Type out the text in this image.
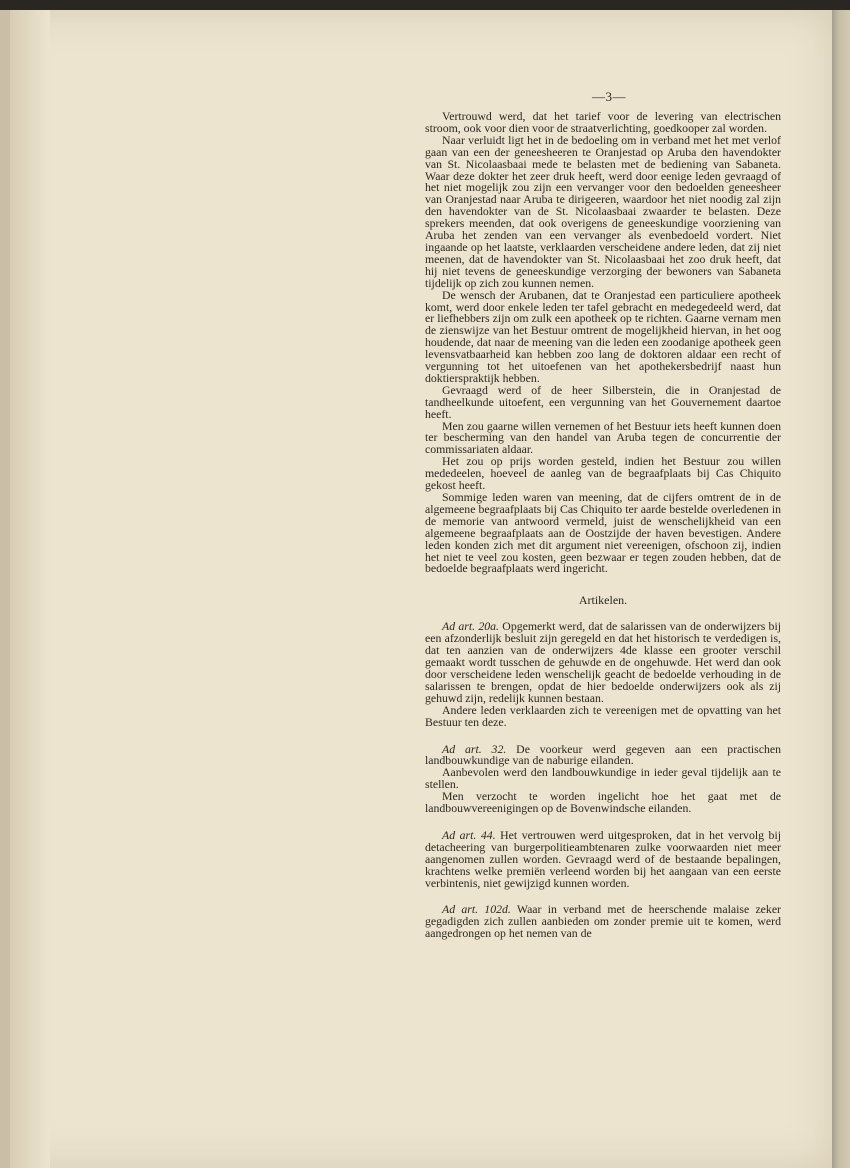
—3—

Vertrouwd werd, dat het tarief voor de levering van electrischen stroom, ook voor dien voor de straatverlichting, goedkooper zal worden.

Naar verluidt ligt het in de bedoeling om in verband met het met verlof gaan van een der geneesheeren te Oranjestad op Aruba den havendokter van St. Nicolaasbaai mede te belasten met de bediening van Sabaneta. Waar deze dokter het zeer druk heeft, werd door eenige leden gevraagd of het niet mogelijk zou zijn een vervanger voor den bedoelden geneesheer van Oranjestad naar Aruba te dirigeeren, waardoor het niet noodig zal zijn den havendokter van de St. Nicolaasbaai zwaarder te belasten. Deze sprekers meenden, dat ook overigens de geneeskundige voorziening van Aruba het zenden van een vervanger als evenbedoeld vordert. Niet ingaande op het laatste, verklaarden verscheidene andere leden, dat zij niet meenen, dat de havendokter van St. Nicolaasbaai het zoo druk heeft, dat hij niet tevens de geneeskundige verzorging der bewoners van Sabaneta tijdelijk op zich zou kunnen nemen.

De wensch der Arubanen, dat te Oranjestad een particuliere apotheek komt, werd door enkele leden ter tafel gebracht en medegedeeld werd, dat er liefhebbers zijn om zulk een apotheek op te richten. Gaarne vernam men de zienswijze van het Bestuur omtrent de mogelijkheid hiervan, in het oog houdende, dat naar de meening van die leden een zoodanige apotheek geen levensvatbaarheid kan hebben zoo lang de doktoren aldaar een recht of vergunning tot het uitoefenen van het apothekersbedrijf naast hun doktierspraktijk hebben.

Gevraagd werd of de heer Silberstein, die in Oranjestad de tandheelkunde uitoefent, een vergunning van het Gouvernement daartoe heeft.

Men zou gaarne willen vernemen of het Bestuur iets heeft kunnen doen ter bescherming van den handel van Aruba tegen de concurrentie der commissariaten aldaar.

Het zou op prijs worden gesteld, indien het Bestuur zou willen mededeelen, hoeveel de aanleg van de begraafplaats bij Cas Chiquito gekost heeft.

Sommige leden waren van meening, dat de cijfers omtrent de in de algemeene begraafplaats bij Cas Chiquito ter aarde bestelde overledenen in de memorie van antwoord vermeld, juist de wenschelijkheid van een algemeene begraafplaats aan de Oostzijde der haven bevestigen. Andere leden konden zich met dit argument niet vereenigen, ofschoon zij, indien het niet te veel zou kosten, geen bezwaar er tegen zouden hebben, dat de bedoelde begraafplaats werd ingericht.

Artikelen.

Ad art. 20a. Opgemerkt werd, dat de salarissen van de onderwijzers bij een afzonderlijk besluit zijn geregeld en dat het historisch te verdedigen is, dat ten aanzien van de onderwijzers 4de klasse een grooter verschil gemaakt wordt tusschen de gehuwde en de ongehuwde. Het werd dan ook door verscheidene leden wenschelijk geacht de bedoelde verhouding in de salarissen te brengen, opdat de hier bedoelde onderwijzers ook als zij gehuwd zijn, redelijk kunnen bestaan.

Andere leden verklaarden zich te vereenigen met de opvatting van het Bestuur ten deze.

Ad art. 32. De voorkeur werd gegeven aan een practischen landbouwkundige van de naburige eilanden.

Aanbevolen werd den landbouwkundige in ieder geval tijdelijk aan te stellen.

Men verzocht te worden ingelicht hoe het gaat met de landbouwvereenigingen op de Bovenwindsche eilanden.

Ad art. 44. Het vertrouwen werd uitgesproken, dat in het vervolg bij detacheering van burgerpolitieambtenaren zulke voorwaarden niet meer aangenomen zullen worden. Gevraagd werd of de bestaande bepalingen, krachtens welke premiën verleend worden bij het aangaan van een eerste verbintenis, niet gewijzigd kunnen worden.

Ad art. 102d. Waar in verband met de heerschende malaise zeker gegadigden zich zullen aanbieden om zonder premie uit te komen, werd aangedrongen op het nemen van de
